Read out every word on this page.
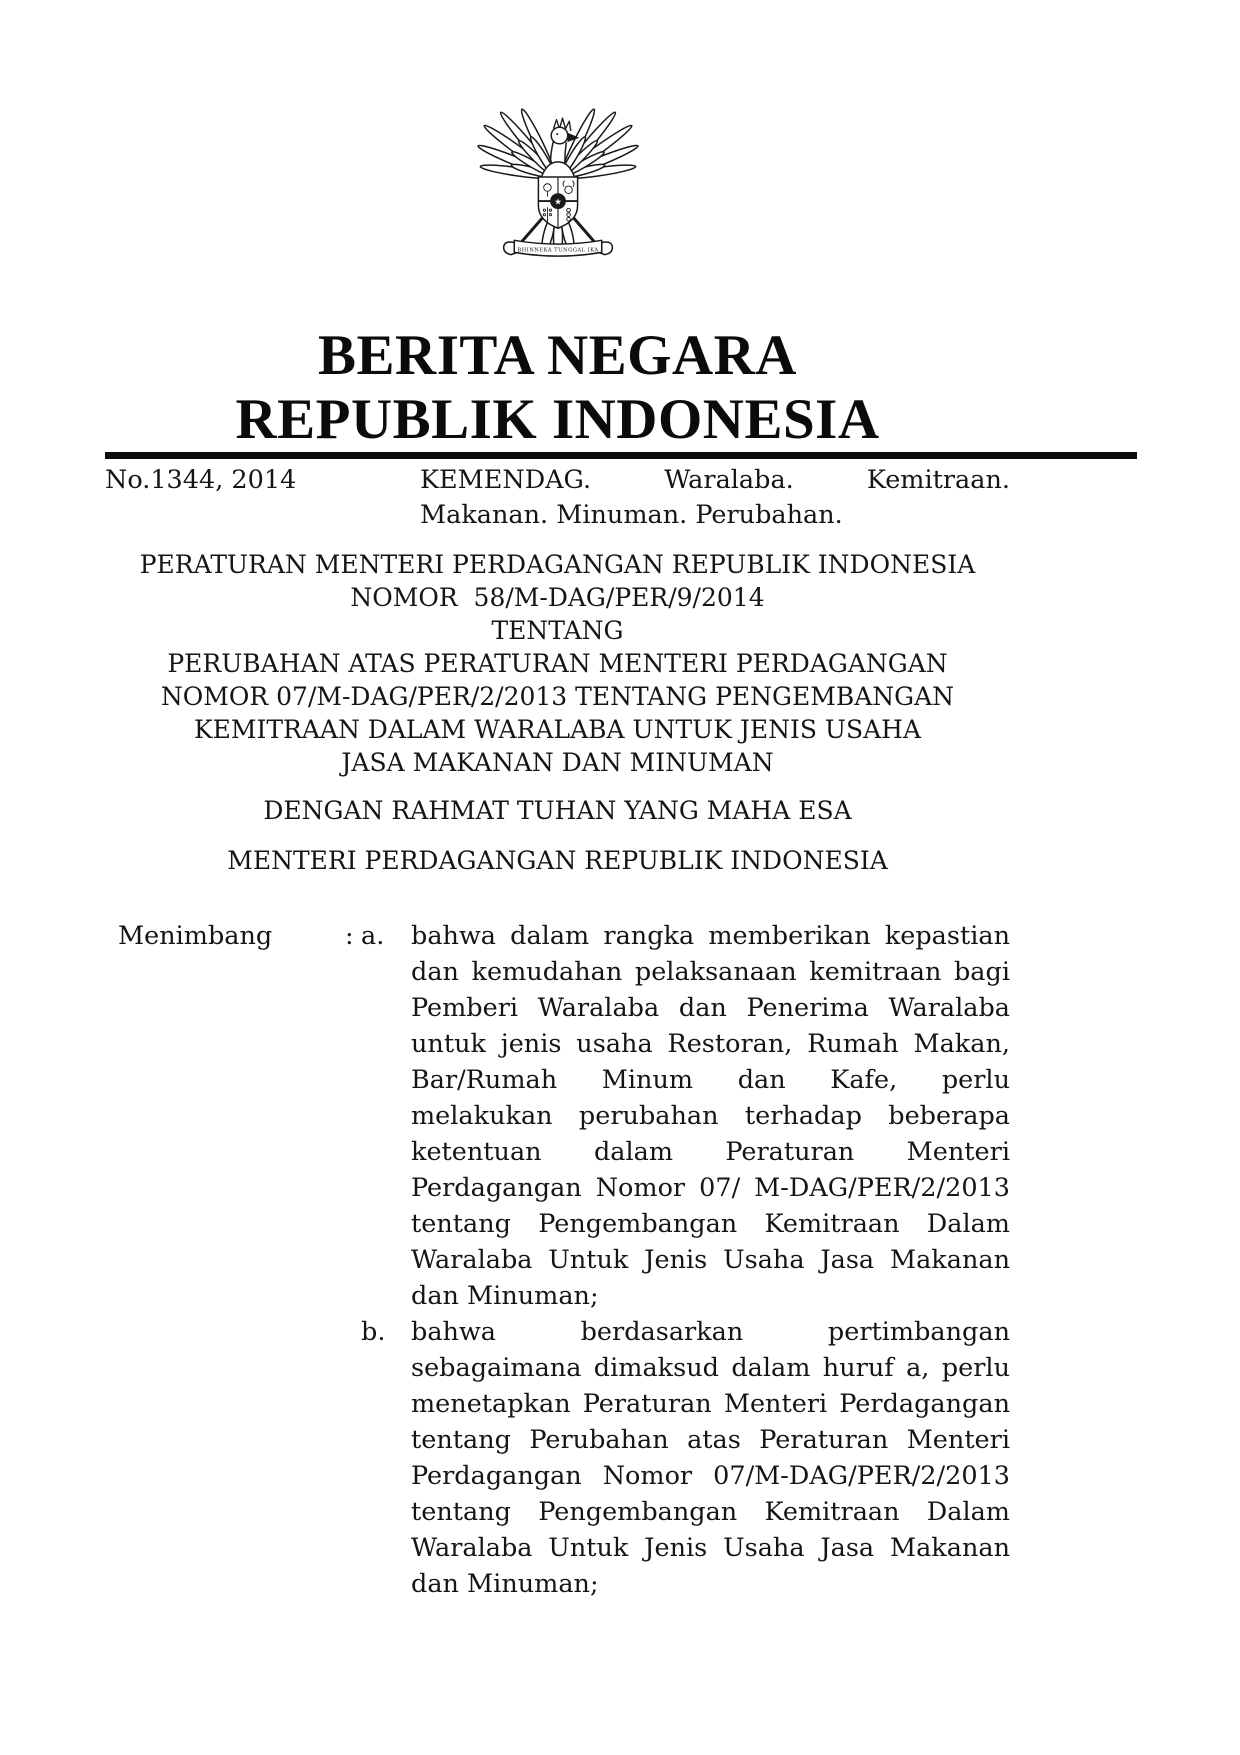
★
BHINNEKA TUNGGAL IKA
BERITA NEGARA
REPUBLIK INDONESIA
No.1344, 2014	KEMENDAG. Waralaba. Kemitraan. Makanan. Minuman. Perubahan.
PERATURAN MENTERI PERDAGANGAN REPUBLIK INDONESIA
NOMOR  58/M-DAG/PER/9/2014
TENTANG
PERUBAHAN ATAS PERATURAN MENTERI PERDAGANGAN
NOMOR 07/M-DAG/PER/2/2013 TENTANG PENGEMBANGAN
KEMITRAAN DALAM WARALABA UNTUK JENIS USAHA
JASA MAKANAN DAN MINUMAN
DENGAN RAHMAT TUHAN YANG MAHA ESA
MENTERI PERDAGANGAN REPUBLIK INDONESIA
Menimbang	: a.	bahwa dalam rangka memberikan kepastian dan kemudahan pelaksanaan kemitraan bagi Pemberi Waralaba dan Penerima Waralaba untuk jenis usaha Restoran, Rumah Makan, Bar/Rumah Minum dan Kafe, perlu melakukan perubahan terhadap beberapa ketentuan dalam Peraturan Menteri Perdagangan Nomor 07/ M-DAG/PER/2/2013 tentang Pengembangan Kemitraan Dalam Waralaba Untuk Jenis Usaha Jasa Makanan dan Minuman;

b.	bahwa berdasarkan pertimbangan sebagaimana dimaksud dalam huruf a, perlu menetapkan Peraturan Menteri Perdagangan tentang Perubahan atas Peraturan Menteri Perdagangan Nomor 07/M-DAG/PER/2/2013 tentang Pengembangan Kemitraan Dalam Waralaba Untuk Jenis Usaha Jasa Makanan dan Minuman;
